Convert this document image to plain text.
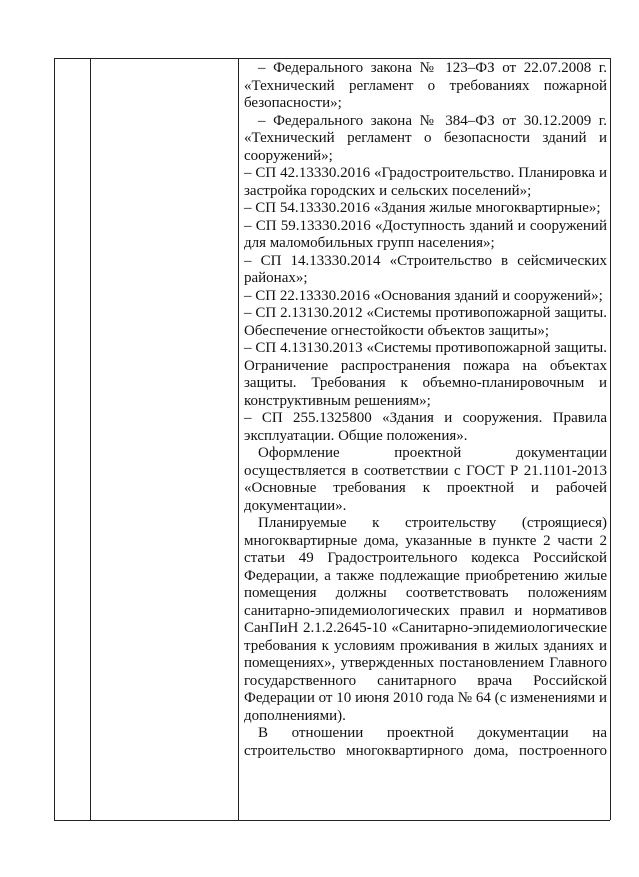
– Федерального закона № 123–ФЗ от 22.07.2008 г. «Технический регламент о требованиях пожарной безопасности»;

– Федерального закона № 384–ФЗ от 30.12.2009 г. «Технический регламент о безопасности зданий и сооружений»;

– СП 42.13330.2016 «Градостроительство. Планировка и застройка городских и сельских поселений»;

– СП 54.13330.2016 «Здания жилые многоквартирные»;

– СП 59.13330.2016 «Доступность зданий и сооружений для маломобильных групп населения»;

– СП 14.13330.2014 «Строительство в сейсмических районах»;

– СП 22.13330.2016 «Основания зданий и сооружений»;

– СП 2.13130.2012 «Системы противопожарной защиты. Обеспечение огнестойкости объектов защиты»;

– СП 4.13130.2013 «Системы противопожарной защиты. Ограничение распространения пожара на объектах защиты. Требования к объемно-планировочным и конструктивным решениям»;

– СП 255.1325800 «Здания и сооружения. Правила эксплуатации. Общие положения».

Оформление проектной документации осуществляется в соответствии с ГОСТ Р 21.1101-2013 «Основные требования к проектной и рабочей документации».

Планируемые к строительству (строящиеся) многоквартирные дома, указанные в пункте 2 части 2 статьи 49 Градостроительного кодекса Российской Федерации, а также подлежащие приобретению жилые помещения должны соответствовать положениям санитарно-эпидемиологических правил и нормативов СанПиН 2.1.2.2645-10 «Санитарно-эпидемиологические требования к условиям проживания в жилых зданиях и помещениях», утвержденных постановлением Главного государственного санитарного врача Российской Федерации от 10 июня 2010 года № 64 (с изменениями и дополнениями).

В отношении проектной документации на строительство многоквартирного дома, построенного
